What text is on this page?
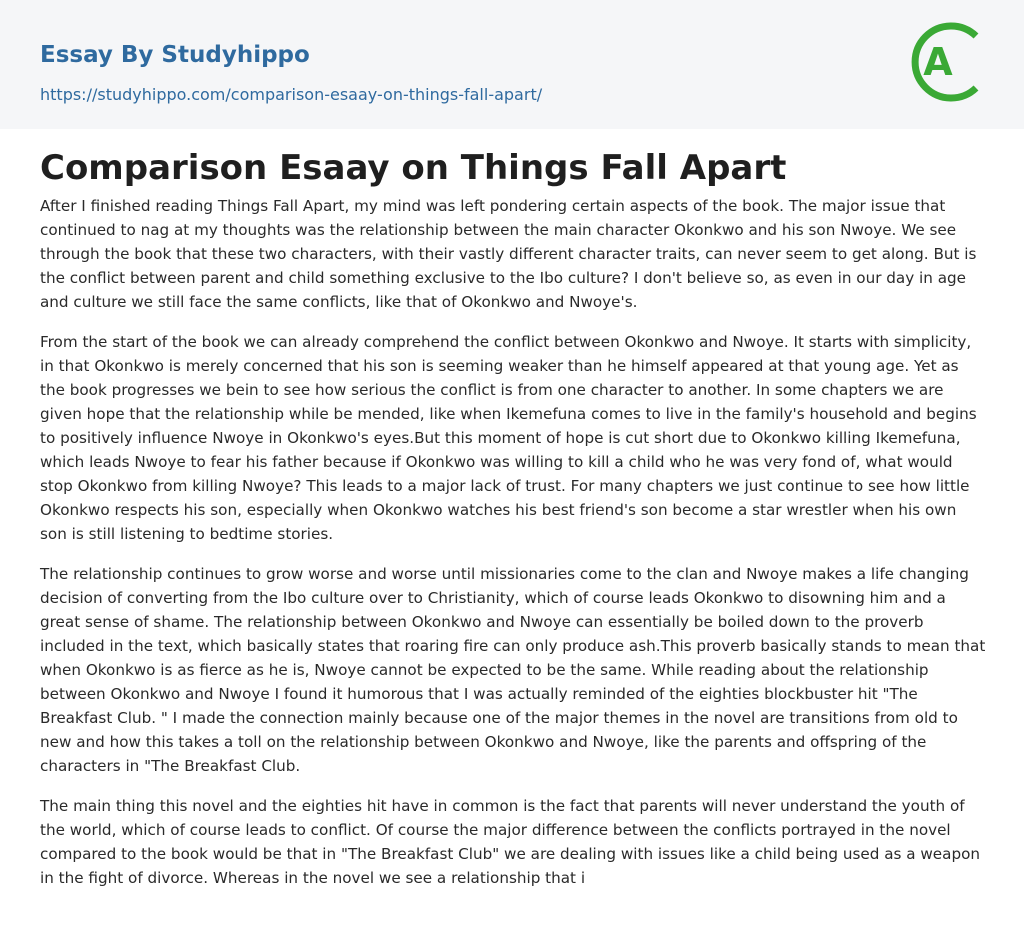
Essay By Studyhippo
https://studyhippo.com/comparison-esaay-on-things-fall-apart/
A
Comparison Esaay on Things Fall Apart

After I finished reading Things Fall Apart, my mind was left pondering certain aspects of the book. The major issue that continued to nag at my thoughts was the relationship between the main character Okonkwo and his son Nwoye. We see through the book that these two characters, with their vastly different character traits, can never seem to get along. But is the conflict between parent and child something exclusive to the Ibo culture? I don't believe so, as even in our day in age and culture we still face the same conflicts, like that of Okonkwo and Nwoye's.

From the start of the book we can already comprehend the conflict between Okonkwo and Nwoye. It starts with simplicity, in that Okonkwo is merely concerned that his son is seeming weaker than he himself appeared at that young age. Yet as the book progresses we bein to see how serious the conflict is from one character to another. In some chapters we are given hope that the relationship while be mended, like when Ikemefuna comes to live in the family's household and begins to positively influence Nwoye in Okonkwo's eyes.But this moment of hope is cut short due to Okonkwo killing Ikemefuna, which leads Nwoye to fear his father because if Okonkwo was willing to kill a child who he was very fond of, what would stop Okonkwo from killing Nwoye? This leads to a major lack of trust. For many chapters we just continue to see how little Okonkwo respects his son, especially when Okonkwo watches his best friend's son become a star wrestler when his own son is still listening to bedtime stories.

The relationship continues to grow worse and worse until missionaries come to the clan and Nwoye makes a life changing decision of converting from the Ibo culture over to Christianity, which of course leads Okonkwo to disowning him and a great sense of shame. The relationship between Okonkwo and Nwoye can essentially be boiled down to the proverb included in the text, which basically states that roaring fire can only produce ash.This proverb basically stands to mean that when Okonkwo is as fierce as he is, Nwoye cannot be expected to be the same. While reading about the relationship between Okonkwo and Nwoye I found it humorous that I was actually reminded of the eighties blockbuster hit "The Breakfast Club. " I made the connection mainly because one of the major themes in the novel are transitions from old to new and how this takes a toll on the relationship between Okonkwo and Nwoye, like the parents and offspring of the characters in "The Breakfast Club.

The main thing this novel and the eighties hit have in common is the fact that parents will never understand the youth of the world, which of course leads to conflict. Of course the major difference between the conflicts portrayed in the novel compared to the book would be that in "The Breakfast Club" we are dealing with issues like a child being used as a weapon in the fight of divorce. Whereas in the novel we see a relationship that i
